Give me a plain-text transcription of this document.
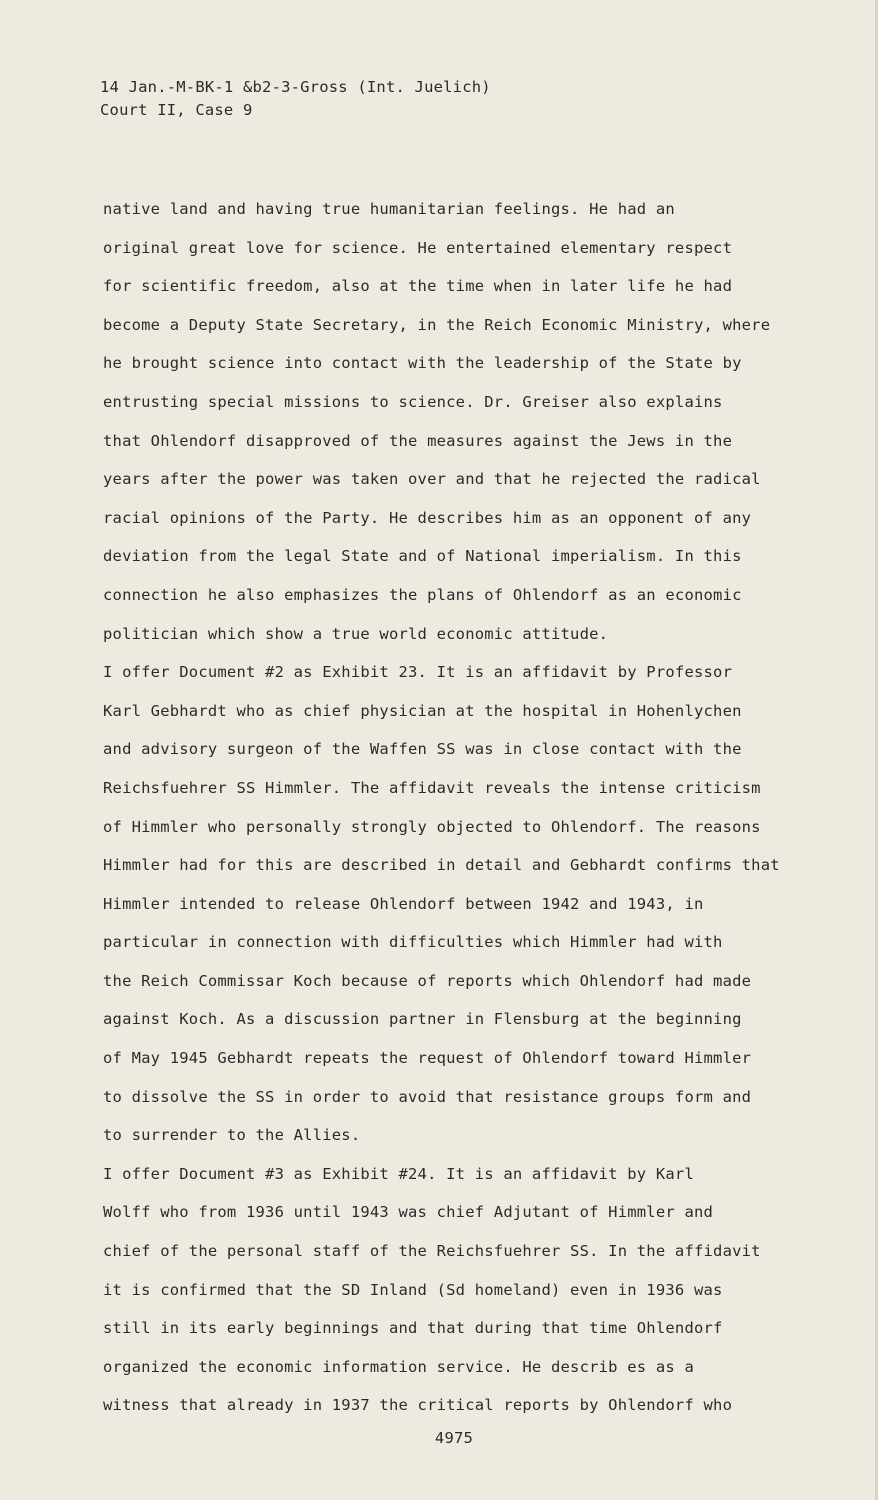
14 Jan.-M-BK-1 &b2-3-Gross (Int. Juelich)
Court II, Case 9
native land and having true humanitarian feelings. He had an
original great love for science. He entertained elementary respect
for scientific freedom, also at the time when in later life he had
become a Deputy State Secretary, in the Reich Economic Ministry, where
he brought science into contact with the leadership of the State by
entrusting special missions to science. Dr. Greiser also explains
that Ohlendorf disapproved of the measures against the Jews in the
years after the power was taken over and that he rejected the radical
racial opinions of the Party. He describes him as an opponent of any
deviation from the legal State and of National imperialism. In this
connection he also emphasizes the plans of Ohlendorf as an economic
politician which show a true world economic attitude.
I offer Document #2 as Exhibit 23. It is an affidavit by Professor
Karl Gebhardt who as chief physician at the hospital in Hohenlychen
and advisory surgeon of the Waffen SS was in close contact with the
Reichsfuehrer SS Himmler. The affidavit reveals the intense criticism
of Himmler who personally strongly objected to Ohlendorf. The reasons
Himmler had for this are described in detail and Gebhardt confirms that
Himmler intended to release Ohlendorf between 1942 and 1943, in
particular in connection with difficulties which Himmler had with
the Reich Commissar Koch because of reports which Ohlendorf had made
against Koch. As a discussion partner in Flensburg at the beginning
of May 1945 Gebhardt repeats the request of Ohlendorf toward Himmler
to dissolve the SS in order to avoid that resistance groups form and
to surrender to the Allies.
I offer Document #3 as Exhibit #24. It is an affidavit by Karl
Wolff who from 1936 until 1943 was chief Adjutant of Himmler and
chief of the personal staff of the Reichsfuehrer SS. In the affidavit
it is confirmed that the SD Inland (Sd homeland) even in 1936 was
still in its early beginnings and that during that time Ohlendorf
organized the economic information service. He describ es as a
witness that already in 1937 the critical reports by Ohlendorf who
4975
